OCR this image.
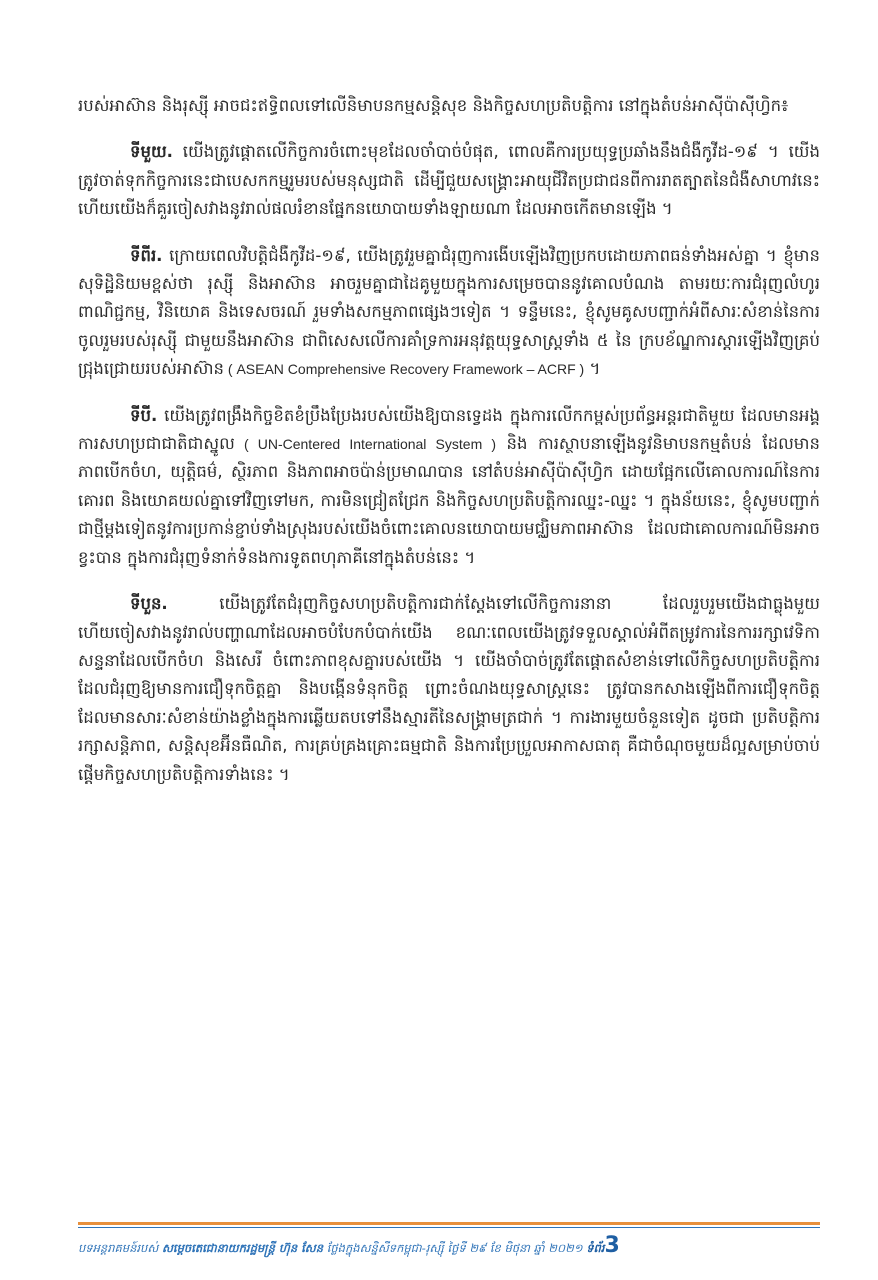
របស់អាស៊ាន និងរុស្ស៊ី អាចជះឥទ្ធិពលទៅលើនិមាបនកម្មសន្តិសុខ និងកិច្ចសហប្រតិបត្តិការ នៅក្នុងតំបន់អាស៊ីប៉ាស៊ីហ្វិក៖

ទីមួយ. យើងត្រូវផ្តោតលើកិច្ចការចំពោះមុខដែលចាំបាច់បំផុត, ពោលគឺការប្រយុទ្ធប្រឆាំងនឹងជំងឺកូវីដ-១៩ ។ យើងត្រូវចាត់ទុកកិច្ចការនេះជាបេសកកម្មរួមរបស់មនុស្សជាតិ ដើម្បីជួយសង្គ្រោះអាយុជីវិតប្រជាជនពីការរាតត្បាតនៃជំងឺសាហាវនេះ ហើយយើងក៏គួរចៀសវាងនូវរាល់ផលរំខានផ្នែកនយោបាយទាំងឡាយណា ដែលអាចកើតមានឡើង ។

ទីពីរ. ក្រោយពេលវិបត្តិជំងឺកូវីដ-១៩, យើងត្រូវរួមគ្នាជំរុញការងើបឡើងវិញប្រកបដោយភាពធន់ទាំងអស់គ្នា ។ ខ្ញុំមានសុទិដ្ឋិនិយមខ្ពស់ថា រុស្ស៊ី និងអាស៊ាន អាចរួមគ្នាជាដៃគូមួយក្នុងការសម្រេចបាននូវគោលបំណង តាមរយៈការជំរុញលំហូរពាណិជ្ជកម្ម, វិនិយោគ និងទេសចរណ៍ រួមទាំងសកម្មភាពផ្សេងៗទៀត ។ ទន្ទឹមនេះ, ខ្ញុំសូមគូសបញ្ជាក់អំពីសារៈសំខាន់នៃការចូលរួមរបស់រុស្ស៊ី ជាមួយនឹងអាស៊ាន ជាពិសេសលើការគាំទ្រការអនុវត្តយុទ្ធសាស្ត្រទាំង ៥ នៃ ក្របខ័ណ្ឌការស្តារឡើងវិញគ្រប់ជ្រុងជ្រោយរបស់អាស៊ាន ( ASEAN Comprehensive Recovery Framework – ACRF ) ។

ទីបី. យើងត្រូវពង្រឹងកិច្ចខិតខំប្រឹងប្រែងរបស់យើងឱ្យបានទ្វេដង ក្នុងការលើកកម្ពស់ប្រព័ន្ធអន្តរជាតិមួយ ដែលមានអង្គការសហប្រជាជាតិជាស្នូល ( UN-Centered International System ) និង ការស្ថាបនាឡើងនូវនិមាបនកម្មតំបន់ ដែលមានភាពបើកចំហ, យុត្តិធម៌, ស្ថិរភាព និងភាពអាចប៉ាន់ប្រមាណបាន នៅតំបន់អាស៊ីប៉ាស៊ីហ្វិក ដោយផ្អែកលើគោលការណ៍នៃការគោរព និងយោគយល់គ្នាទៅវិញទៅមក, ការមិនជ្រៀតជ្រែក និងកិច្ចសហប្រតិបត្តិការឈ្នះ-ឈ្នះ ។ ក្នុងន័យនេះ, ខ្ញុំសូមបញ្ជាក់ជាថ្មីម្តងទៀតនូវការប្រកាន់ខ្ជាប់ទាំងស្រុងរបស់យើងចំពោះគោលនយោបាយមជ្ឈិមភាពអាស៊ាន ដែលជាគោលការណ៍មិនអាចខ្វះបាន ក្នុងការជំរុញទំនាក់ទំនងការទូតពហុភាគីនៅក្នុងតំបន់នេះ ។

ទីបួន. យើងត្រូវតែជំរុញកិច្ចសហប្រតិបត្តិការជាក់ស្តែងទៅលើកិច្ចការនានា ដែលរួបរួមយើងជាធ្លុងមួយ ហើយចៀសវាងនូវរាល់បញ្ហាណាដែលអាចបំបែកបំបាក់យើង ខណៈពេលយើងត្រូវទទួលស្គាល់អំពីតម្រូវការនៃការរក្សាវេទិកាសន្ទនាដែលបើកចំហ និងសេរី ចំពោះភាពខុសគ្នារបស់យើង ។ យើងចាំបាច់ត្រូវតែផ្តោតសំខាន់ទៅលើកិច្ចសហប្រតិបត្តិការដែលជំរុញឱ្យមានការជឿទុកចិត្តគ្នា និងបង្កើនទំនុកចិត្ត ព្រោះចំណងយុទ្ធសាស្ត្រនេះ ត្រូវបានកសាងឡើងពីការជឿទុកចិត្ត ដែលមានសារៈសំខាន់យ៉ាងខ្លាំងក្នុងការឆ្លើយតបទៅនឹងស្មារតីនៃសង្គ្រាមត្រជាក់ ។ ការងារមួយចំនួនទៀត ដូចជា ប្រតិបត្តិការរក្សាសន្តិភាព, សន្តិសុខអ៊ីនធឺណិត, ការគ្រប់គ្រងគ្រោះធម្មជាតិ និងការប្រែប្រួលអាកាសធាតុ គឺជាចំណុចមួយដ៏ល្អសម្រាប់ចាប់ផ្តើមកិច្ចសហប្រតិបត្តិការទាំងនេះ ។

បទអន្តរាគមន៍របស់ សម្តេចតេជោនាយករដ្ឋមន្ត្រី ហ៊ុន សែន ថ្លែងក្នុងសន្និសីទកម្ពុជា-រុស្ស៊ី ថ្ងៃទី ២៩ ខែ មិថុនា ឆ្នាំ ២០២១ ទំព័រ3
